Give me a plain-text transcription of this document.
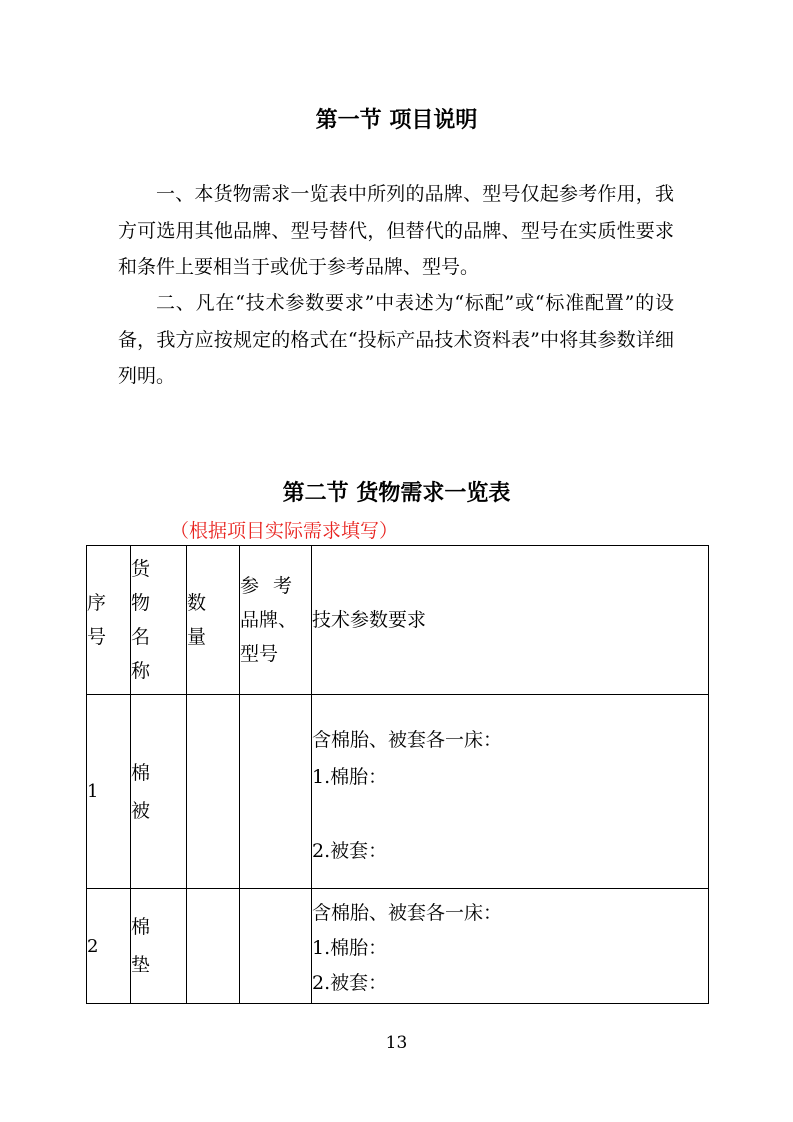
第一节 项目说明
一、本货物需求一览表中所列的品牌、型号仅起参考作用，我方可选用其他品牌、型号替代，但替代的品牌、型号在实质性要求和条件上要相当于或优于参考品牌、型号。
二、凡在“技术参数要求”中表述为“标配”或“标准配置”的设备，我方应按规定的格式在“投标产品技术资料表”中将其参数详细列明。
第二节 货物需求一览表
（根据项目实际需求填写）
序
号	货
物
名
称	数
量	参考
品牌、
型号	技术参数要求
1	棉
被			含棉胎、被套各一床：
1.棉胎：
2.被套：

2	棉
垫			含棉胎、被套各一床：
1.棉胎：
2.被套：
13
